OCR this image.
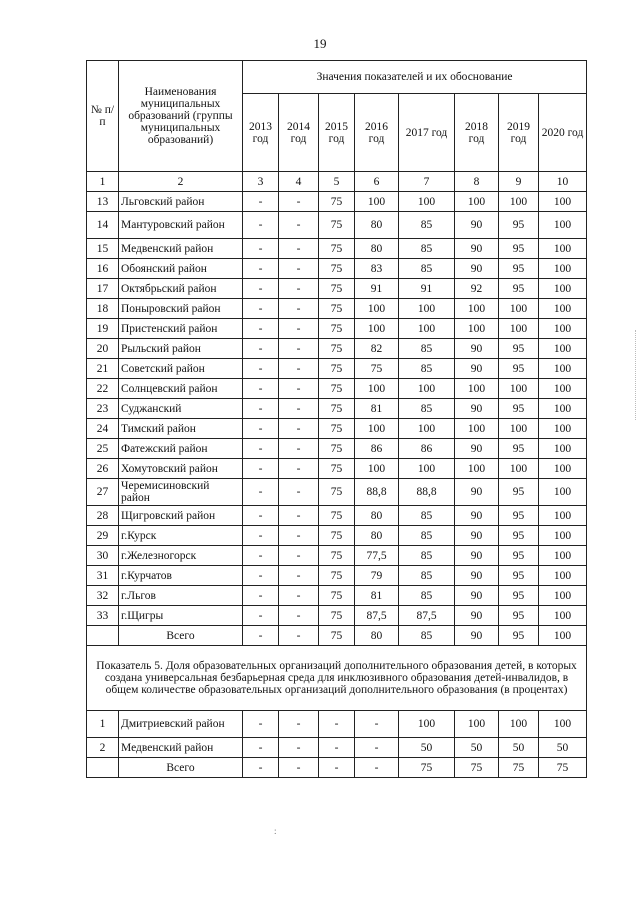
19
№ п/п	Наименования муниципальных образований (группы муниципальных образований)	Значения показателей и их обоснование							
		2013 год	2014 год	2015 год	2016 год	2017 год	2018 год	2019 год	2020 год
1	2	3	4	5	6	7	8	9	10
13	Льговский район	-	-	75	100	100	100	100	100
14	Мантуровский район	-	-	75	80	85	90	95	100
15	Медвенский район	-	-	75	80	85	90	95	100
16	Обоянский район	-	-	75	83	85	90	95	100
17	Октябрьский район	-	-	75	91	91	92	95	100
18	Поныровский район	-	-	75	100	100	100	100	100
19	Пристенский район	-	-	75	100	100	100	100	100
20	Рыльский район	-	-	75	82	85	90	95	100
21	Советский район	-	-	75	75	85	90	95	100
22	Солнцевский район	-	-	75	100	100	100	100	100
23	Суджанский	-	-	75	81	85	90	95	100
24	Тимский район	-	-	75	100	100	100	100	100
25	Фатежский район	-	-	75	86	86	90	95	100
26	Хомутовский район	-	-	75	100	100	100	100	100
27	Черемисиновский район	-	-	75	88,8	88,8	90	95	100
28	Щигровский район	-	-	75	80	85	90	95	100
29	г.Курск	-	-	75	80	85	90	95	100
30	г.Железногорск	-	-	75	77,5	85	90	95	100
31	г.Курчатов	-	-	75	79	85	90	95	100
32	г.Льгов	-	-	75	81	85	90	95	100
33	г.Щигры	-	-	75	87,5	87,5	90	95	100
	Всего	-	-	75	80	85	90	95	100
Показатель 5. Доля образовательных организаций дополнительного образования детей, в которых создана универсальная безбарьерная среда для инклюзивного образования детей-инвалидов, в общем количестве образовательных организаций дополнительного образования (в процентах)									
1	Дмитриевский район	-	-	-	-	100	100	100	100
2	Медвенский район	-	-	-	-	50	50	50	50
	Всего	-	-	-	-	75	75	75	75
:
